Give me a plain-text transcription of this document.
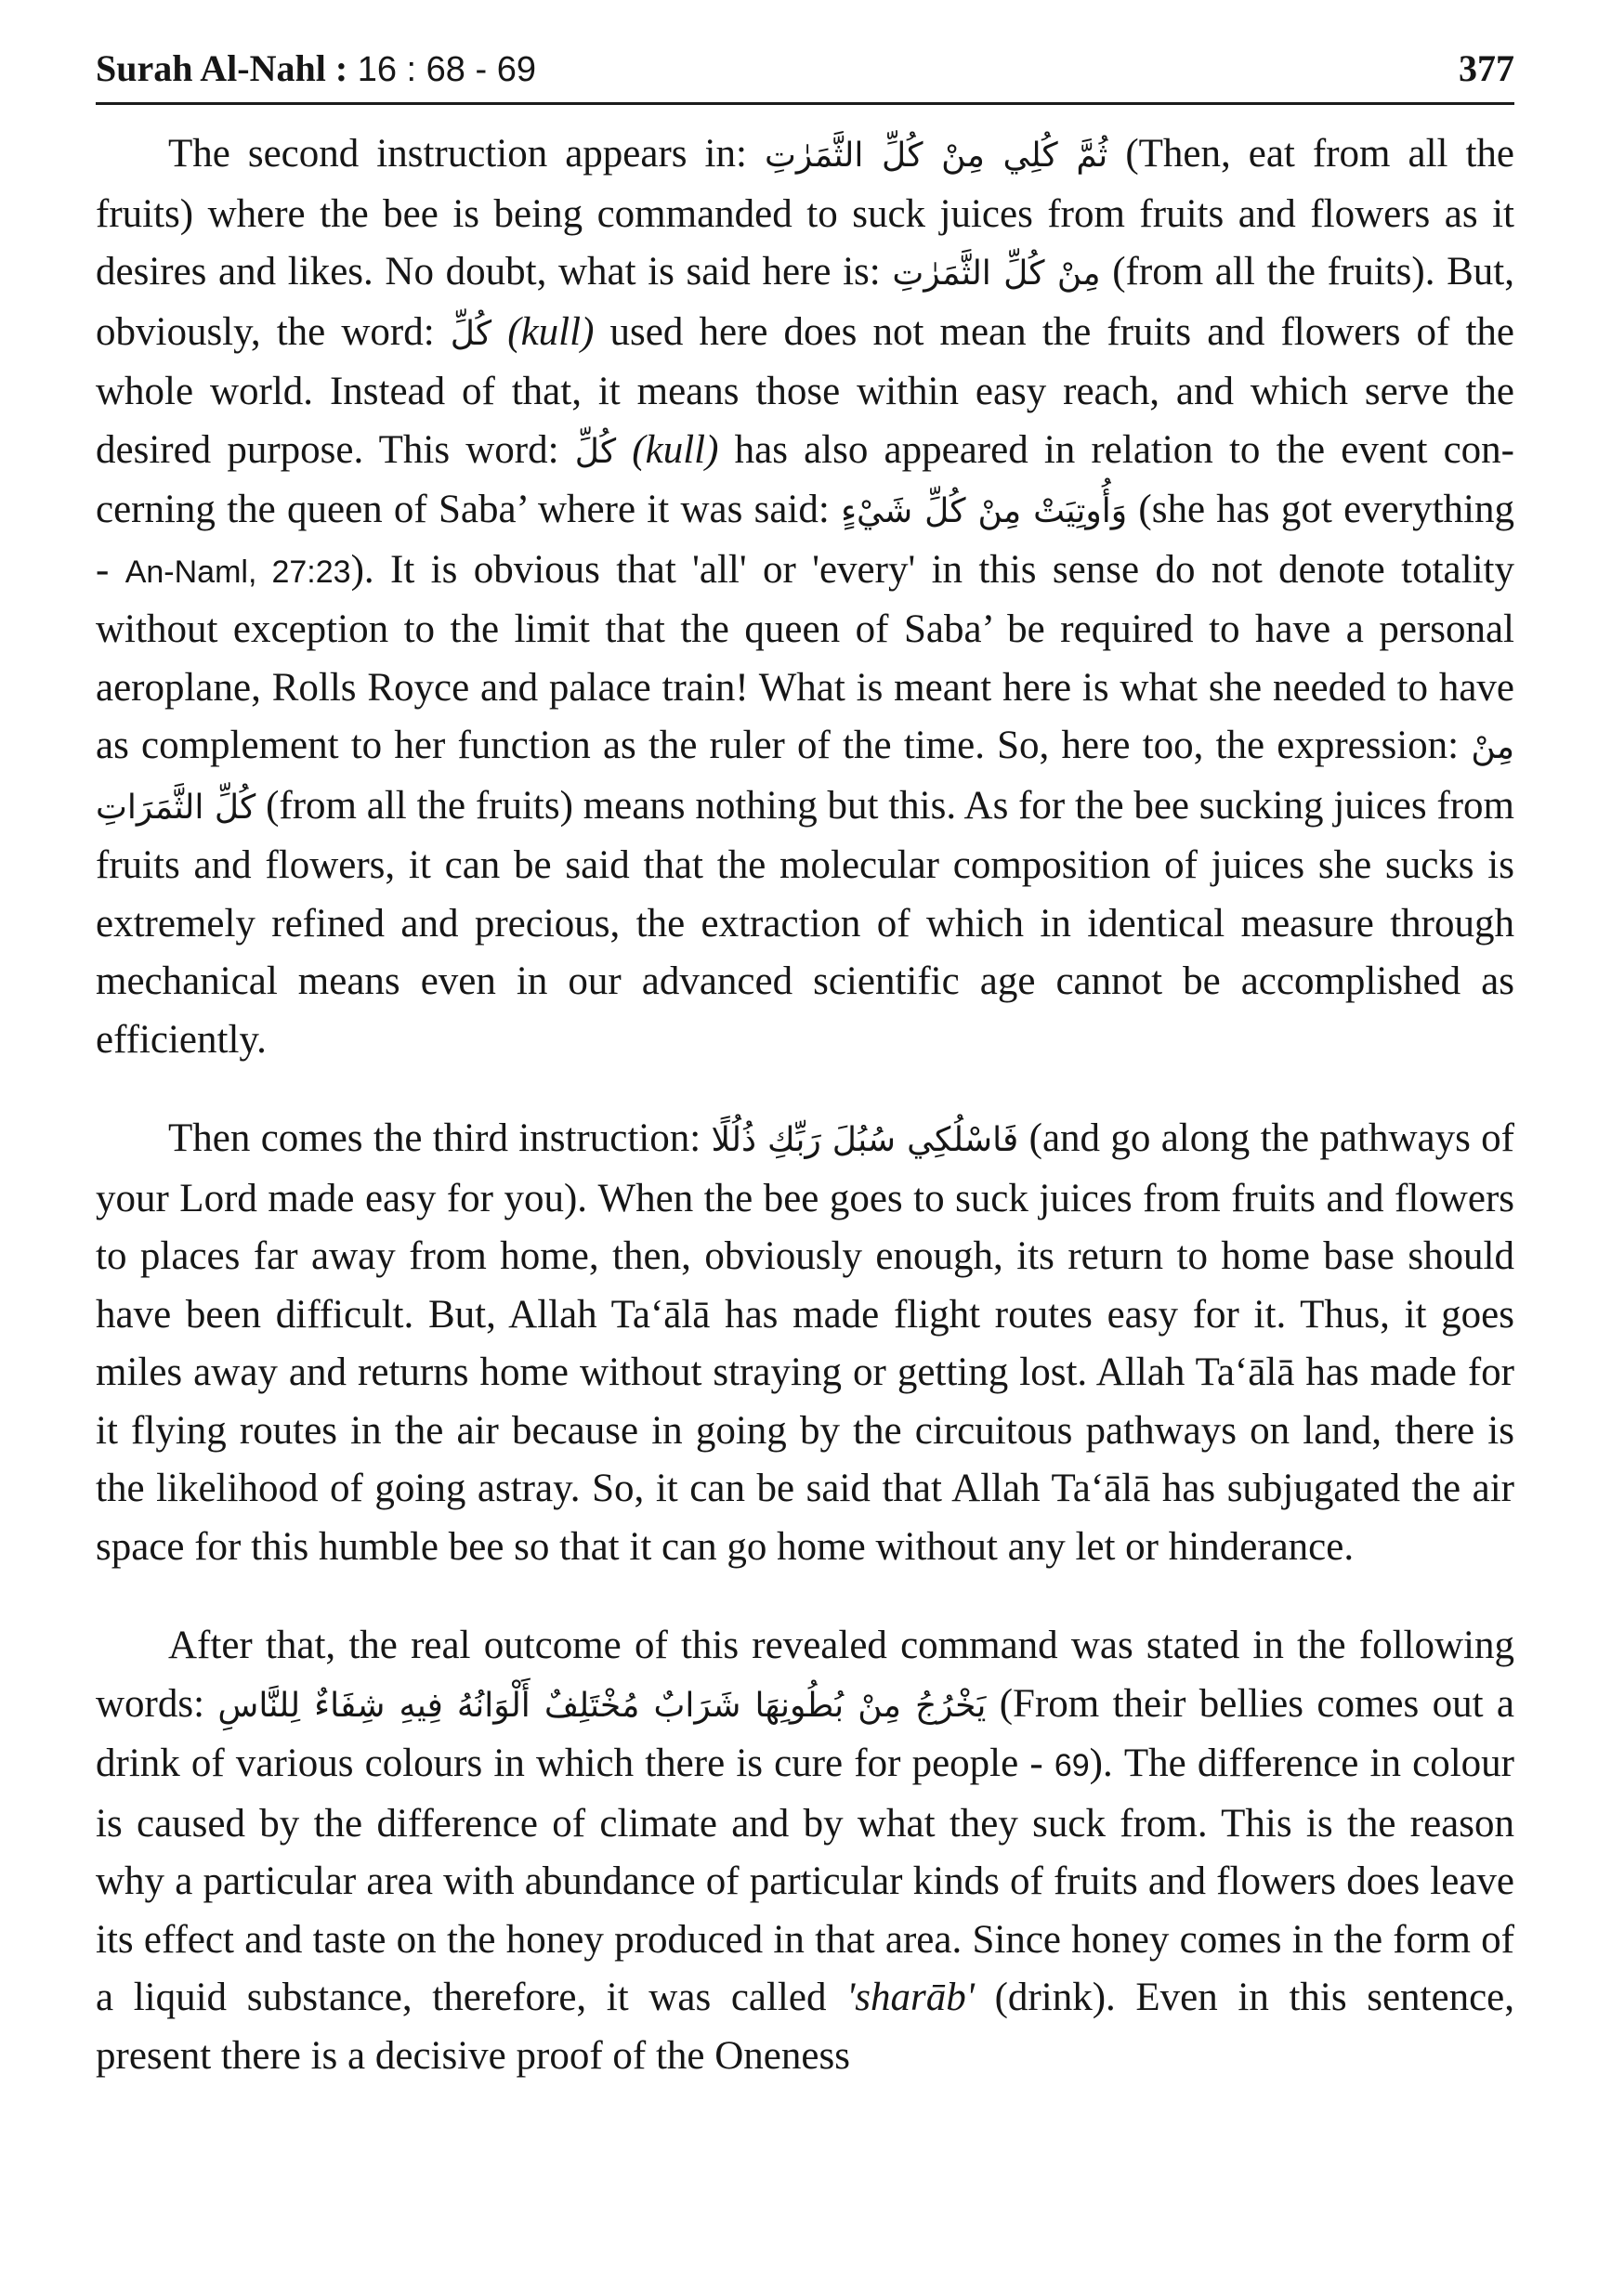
Surah Al-Nahl : 16 : 68 - 69	377

The second instruction appears in: ثُمَّ كُلِي مِنْ كُلِّ الثَّمَرٰتِ (Then, eat from all the fruits) where the bee is being commanded to suck juices from fruits and flowers as it desires and likes. No doubt, what is said here is: مِنْ كُلِّ الثَّمَرٰتِ (from all the fruits). But, obviously, the word: كُلِّ (kull) used here does not mean the fruits and flowers of the whole world. Instead of that, it means those within easy reach, and which serve the desired purpose. This word: كُلِّ (kull) has also appeared in relation to the event concerning the queen of Saba’ where it was said: وَأُوتِيَتْ مِنْ كُلِّ شَيْءٍ (she has got everything - An-Naml, 27:23). It is obvious that 'all' or 'every' in this sense do not denote totality without exception to the limit that the queen of Saba’ be required to have a personal aeroplane, Rolls Royce and palace train! What is meant here is what she needed to have as complement to her function as the ruler of the time. So, here too, the expression: مِنْ كُلِّ الثَّمَرَاتِ (from all the fruits) means nothing but this. As for the bee sucking juices from fruits and flowers, it can be said that the molecular composition of juices she sucks is extremely refined and precious, the extraction of which in identical measure through mechanical means even in our advanced scientific age cannot be accomplished as efficiently.

Then comes the third instruction: فَاسْلُكِي سُبُلَ رَبِّكِ ذُلُلًا (and go along the pathways of your Lord made easy for you). When the bee goes to suck juices from fruits and flowers to places far away from home, then, obviously enough, its return to home base should have been difficult. But, Allah Ta‘ālā has made flight routes easy for it. Thus, it goes miles away and returns home without straying or getting lost. Allah Ta‘ālā has made for it flying routes in the air because in going by the circuitous pathways on land, there is the likelihood of going astray. So, it can be said that Allah Ta‘ālā has subjugated the air space for this humble bee so that it can go home without any let or hinderance.

After that, the real outcome of this revealed command was stated in the following words: يَخْرُجُ مِنْ بُطُونِهَا شَرَابٌ مُخْتَلِفٌ أَلْوَانُهُ فِيهِ شِفَاءٌ لِلنَّاسِ (From their bellies comes out a drink of various colours in which there is cure for people - 69). The difference in colour is caused by the difference of climate and by what they suck from. This is the reason why a particular area with abundance of particular kinds of fruits and flowers does leave its effect and taste on the honey produced in that area. Since honey comes in the form of a liquid substance, therefore, it was called 'sharāb' (drink). Even in this sentence, present there is a decisive proof of the Oneness
